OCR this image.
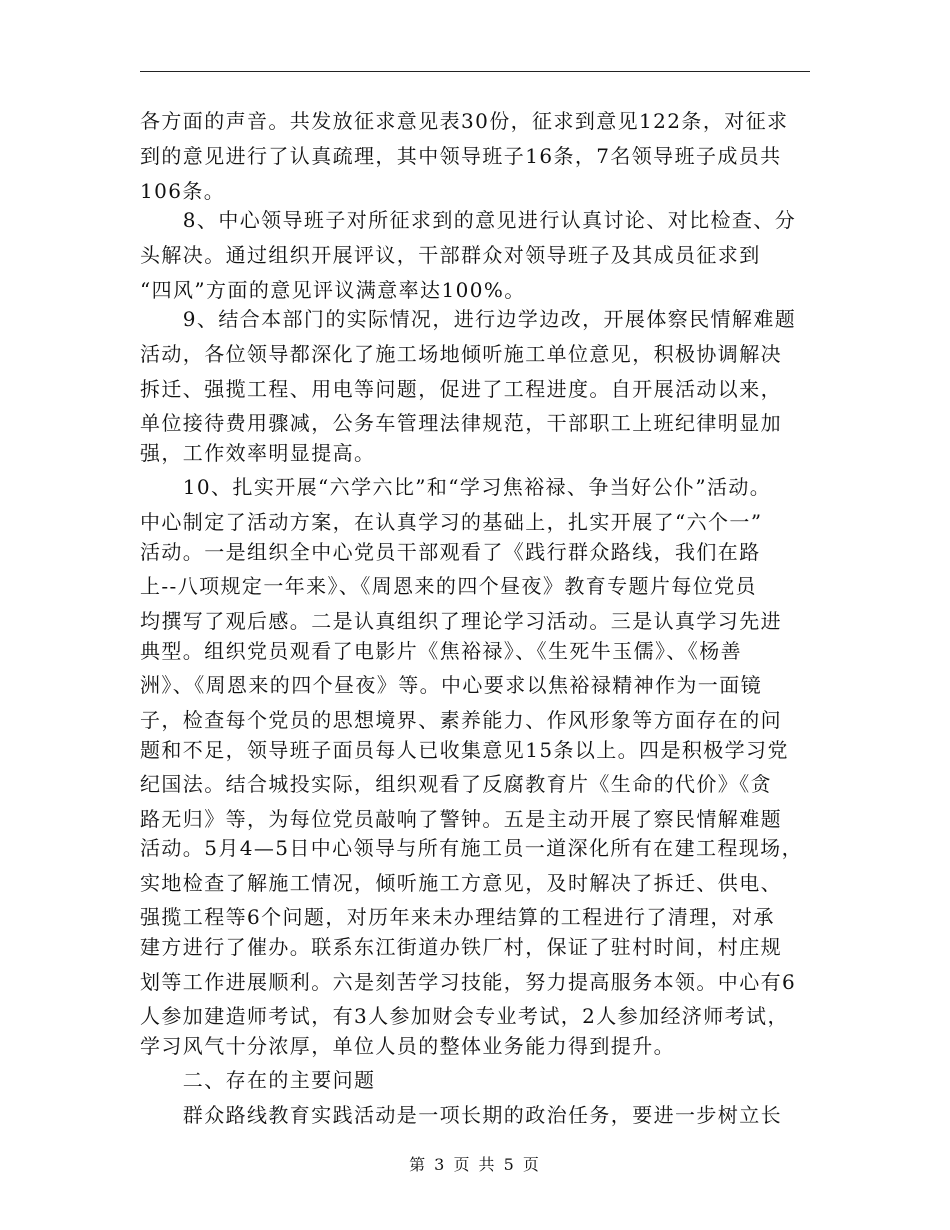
各方面的声音。共发放征求意见表30份，征求到意见122条，对征求
到的意见进行了认真疏理，其中领导班子16条，7名领导班子成员共
106条。
　　8、中心领导班子对所征求到的意见进行认真讨论、对比检查、分
头解决。通过组织开展评议，干部群众对领导班子及其成员征求到
“四风”方面的意见评议满意率达100%。
　　9、结合本部门的实际情况，进行边学边改，开展体察民情解难题
活动，各位领导都深化了施工场地倾听施工单位意见，积极协调解决
拆迁、强揽工程、用电等问题，促进了工程进度。自开展活动以来，
单位接待费用骤减，公务车管理法律规范，干部职工上班纪律明显加
强，工作效率明显提高。
　　10、扎实开展“六学六比”和“学习焦裕禄、争当好公仆”活动。
中心制定了活动方案，在认真学习的基础上，扎实开展了“六个一”
活动。一是组织全中心党员干部观看了《践行群众路线，我们在路
上--八项规定一年来》、《周恩来的四个昼夜》教育专题片每位党员
均撰写了观后感。二是认真组织了理论学习活动。三是认真学习先进
典型。组织党员观看了电影片《焦裕禄》、《生死牛玉儒》、《杨善
洲》、《周恩来的四个昼夜》等。中心要求以焦裕禄精神作为一面镜
子，检查每个党员的思想境界、素养能力、作风形象等方面存在的问
题和不足，领导班子面员每人已收集意见15条以上。四是积极学习党
纪国法。结合城投实际，组织观看了反腐教育片《生命的代价》《贪
路无归》等，为每位党员敲响了警钟。五是主动开展了察民情解难题
活动。5月4—5日中心领导与所有施工员一道深化所有在建工程现场，
实地检查了解施工情况，倾听施工方意见，及时解决了拆迁、供电、
强揽工程等6个问题，对历年来未办理结算的工程进行了清理，对承
建方进行了催办。联系东江街道办铁厂村，保证了驻村时间，村庄规
划等工作进展顺利。六是刻苦学习技能，努力提高服务本领。中心有6
人参加建造师考试，有3人参加财会专业考试，2人参加经济师考试，
学习风气十分浓厚，单位人员的整体业务能力得到提升。
　　二、存在的主要问题
　　群众路线教育实践活动是一项长期的政治任务，要进一步树立长
第 3 页 共 5 页
